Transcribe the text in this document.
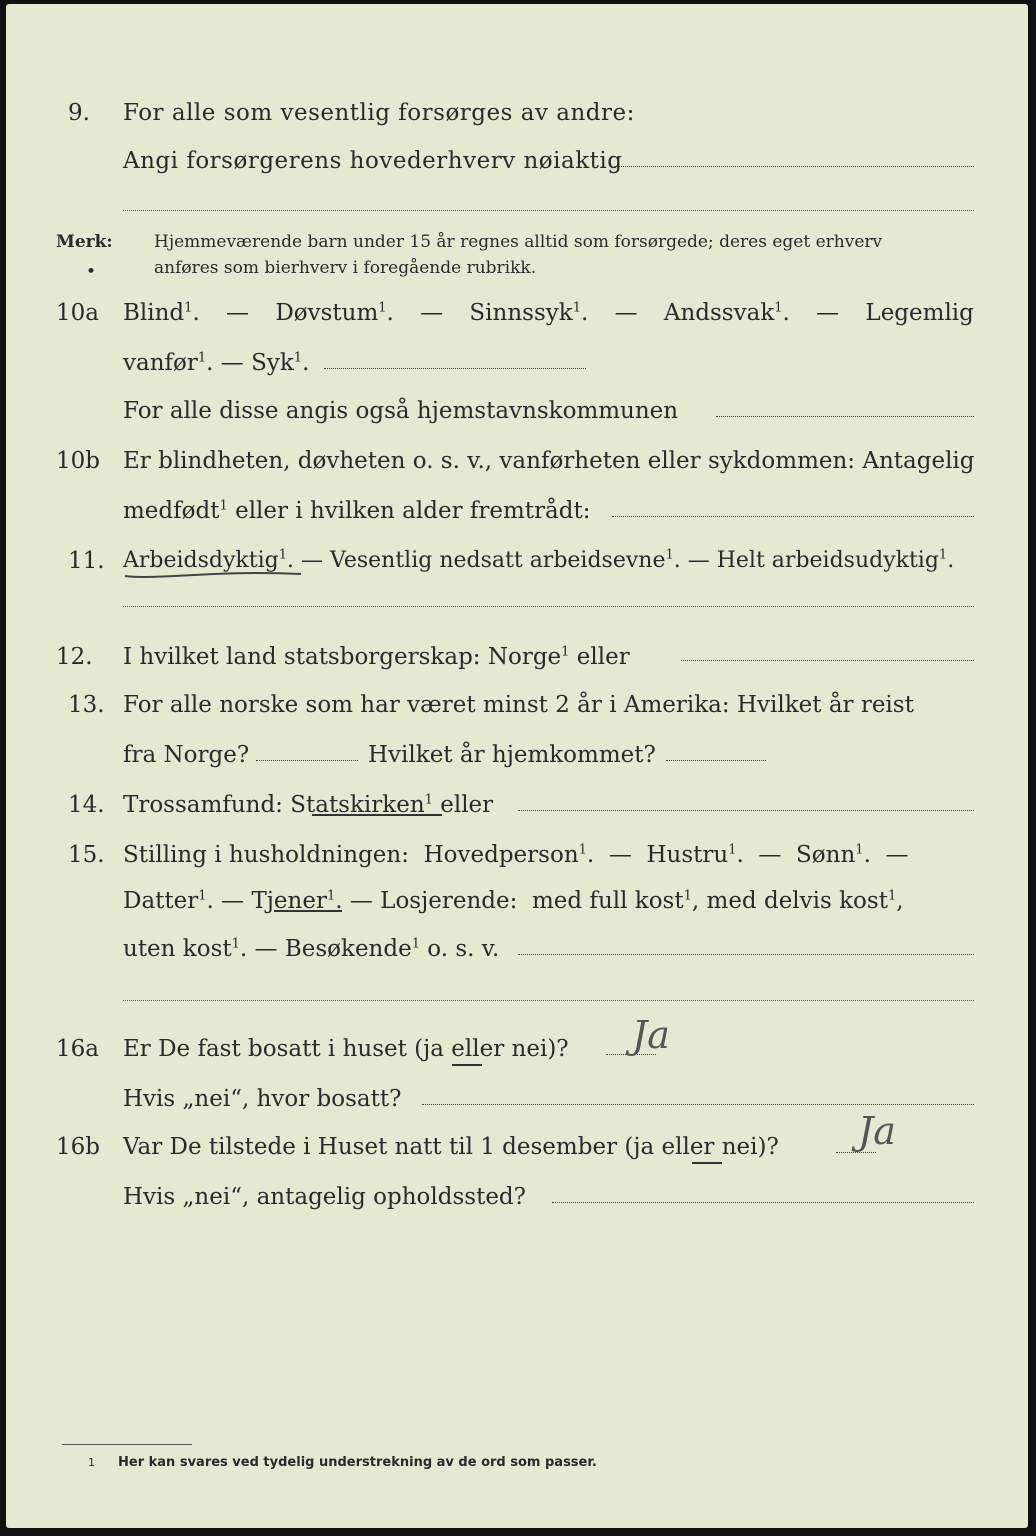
9. For alle som vesentlig forsørges av andre:
Angi forsørgerens hovederhverv nøiaktig
Merk:
•
Hjemmeværende barn under 15 år regnes alltid som forsørgede; deres eget erhverv
anføres som bierhverv i foregående rubrikk.
10a Blind$^1$. — Døvstum$^1$. — Sinnssyk$^1$. — Andssvak$^1$. — Legemlig
vanfør$^1$. — Syk$^1$.
For alle disse angis også hjemstavnskommunen
10b Er blindheten, døvheten o. s. v., vanførheten eller sykdommen: Antagelig
medfødt$^1$ eller i hvilken alder fremtrådt:
11. Arbeidsdyktig$^1$. — Vesentlig nedsatt arbeidsevne$^1$. — Helt arbeidsudyktig$^1$.
12. I hvilket land statsborgerskap: Norge$^1$ eller
13. For alle norske som har været minst 2 år i Amerika: Hvilket år reist
fra Norge?	Hvilket år hjemkommet?
14. Trossamfund: Statskirken$^1$ eller
15. Stilling i husholdningen:  Hovedperson$^1$.  —  Hustru$^1$.  —  Sønn$^1$.  —
Datter$^1$. — Tjener$^1$. — Losjerende:  med full kost$^1$, med delvis kost$^1$,
uten kost$^1$. — Besøkende$^1$ o. s. v.
16a Er De fast bosatt i huset (ja eller nei)? Ja
Hvis „nei“, hvor bosatt?
16b Var De tilstede i Huset natt til 1 desember (ja eller nei)? Ja
Hvis „nei“, antagelig opholdssted?
1 Her kan svares ved tydelig understrekning av de ord som passer.
